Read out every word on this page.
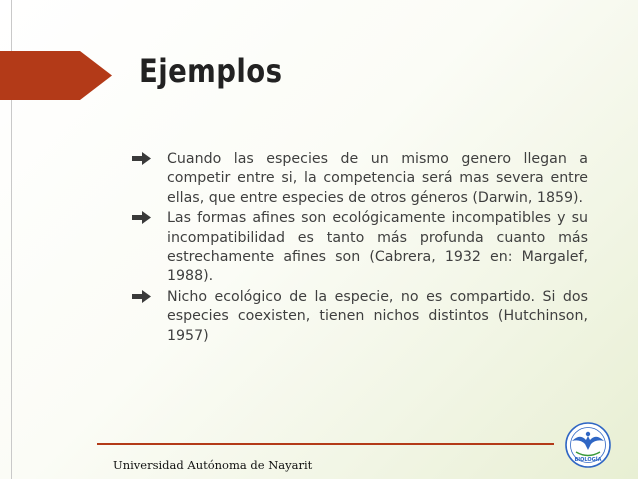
Ejemplos
Cuando las especies de un mismo genero llegan a competir entre si, la competencia será mas severa entre ellas, que entre especies de otros géneros (Darwin, 1859).
Las formas afines son ecológicamente incompatibles y su incompatibilidad es tanto más profunda cuanto más estrechamente afines son (Cabrera, 1932 en: Margalef, 1988).
Nicho ecológico de la especie, no es compartido. Si dos especies coexisten, tienen nichos distintos (Hutchinson, 1957)
Universidad Autónoma de Nayarit	BIOLOGÍA
